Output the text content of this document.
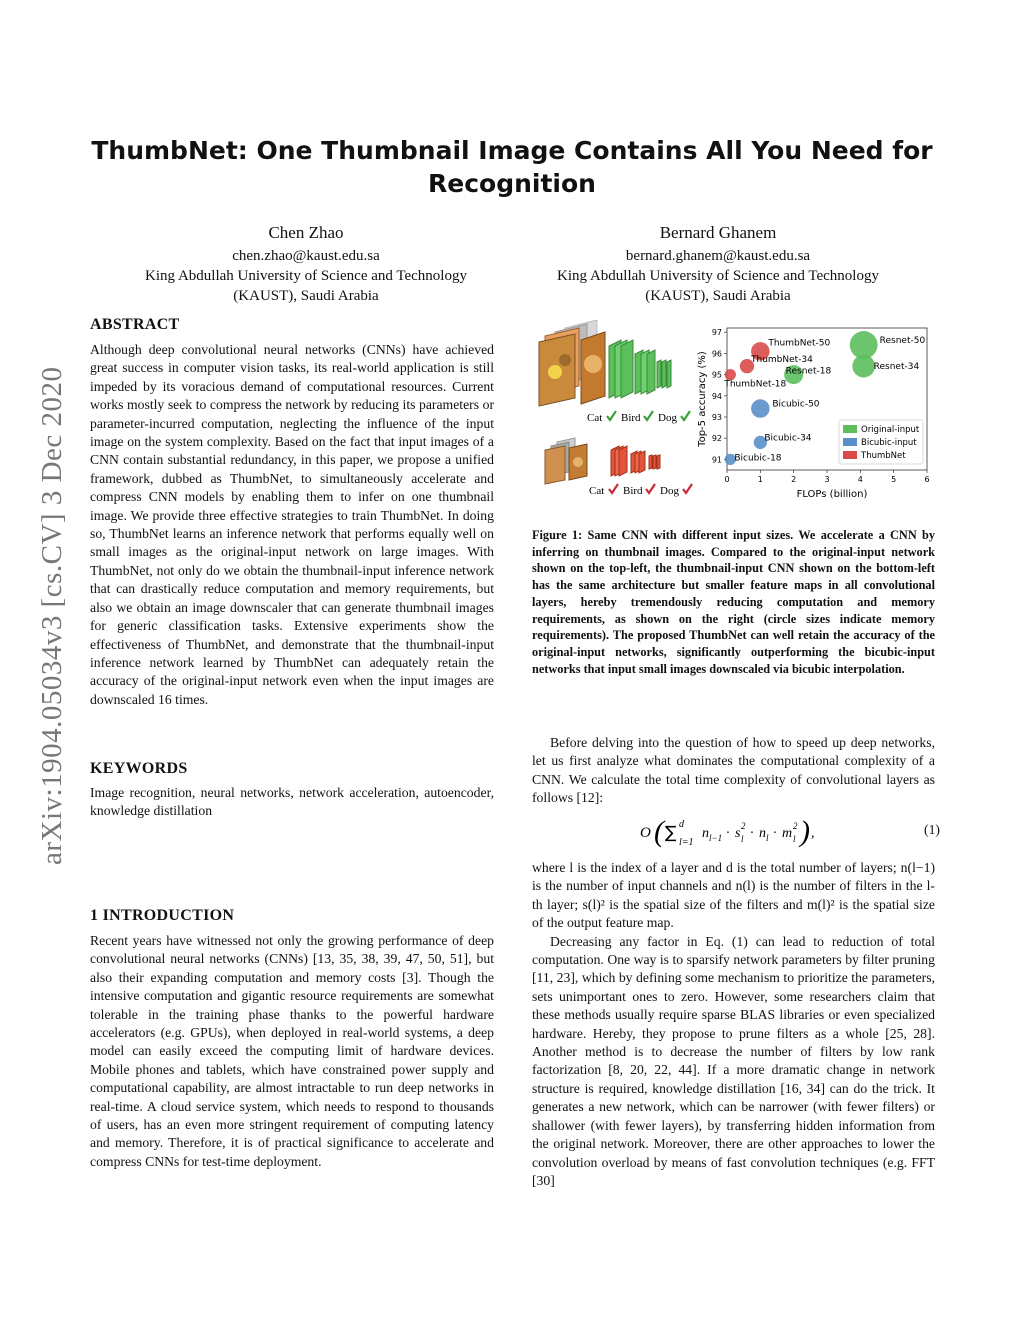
arXiv:1904.05034v3 [cs.CV] 3 Dec 2020
ThumbNet: One Thumbnail Image Contains All You Need for
Recognition
Chen Zhao
chen.zhao@kaust.edu.sa
King Abdullah University of Science and Technology
(KAUST), Saudi Arabia
Bernard Ghanem
bernard.ghanem@kaust.edu.sa
King Abdullah University of Science and Technology
(KAUST), Saudi Arabia
ABSTRACT

Although deep convolutional neural networks (CNNs) have achieved great success in computer vision tasks, its real-world application is still impeded by its voracious demand of computational resources. Current works mostly seek to compress the network by reducing its parameters or parameter-incurred computation, neglecting the influence of the input image on the system complexity. Based on the fact that input images of a CNN contain substantial redundancy, in this paper, we propose a unified framework, dubbed as ThumbNet, to simultaneously accelerate and compress CNN models by enabling them to infer on one thumbnail image. We provide three effective strategies to train ThumbNet. In doing so, ThumbNet learns an inference network that performs equally well on small images as the original-input network on large images. With ThumbNet, not only do we obtain the thumbnail-input inference network that can drastically reduce computation and memory requirements, but also we obtain an image downscaler that can generate thumbnail images for generic classification tasks. Extensive experiments show the effectiveness of ThumbNet, and demonstrate that the thumbnail-input inference network learned by ThumbNet can adequately retain the accuracy of the original-input network even when the input images are downscaled 16 times.

KEYWORDS

Image recognition, neural networks, network acceleration, autoencoder, knowledge distillation

1 INTRODUCTION

Recent years have witnessed not only the growing performance of deep convolutional neural networks (CNNs) [13, 35, 38, 39, 47, 50, 51], but also their expanding computation and memory costs [3]. Though the intensive computation and gigantic resource requirements are somewhat tolerable in the training phase thanks to the powerful hardware accelerators (e.g. GPUs), when deployed in real-world systems, a deep model can easily exceed the computing limit of hardware devices. Mobile phones and tablets, which have constrained power supply and computational capability, are almost intractable to run deep networks in real-time. A cloud service system, which needs to respond to thousands of users, has an even more stringent requirement of computing latency and memory. Therefore, it is of practical significance to accelerate and compress CNNs for test-time deployment.

Cat Bird Dog
Cat Bird Dog
0	1	2	3	4	5	6
91
92
93
94
95
96
97
FLOPs (billion)
Top-5 accuracy (%)
ThumbNet-50
ThumbNet-34
ThumbNet-18
Resnet-50
Resnet-18	Resnet-34
Bicubic-50
Bicubic-34
Bicubic-18
Original-input
Bicubic-input
ThumbNet
Figure 1: Same CNN with different input sizes. We accelerate a CNN by inferring on thumbnail images. Compared to the original-input network shown on the top-left, the thumbnail-input CNN shown on the bottom-left has the same architecture but smaller feature maps in all convolutional layers, hereby tremendously reducing computation and memory requirements, as shown on the right (circle sizes indicate memory requirements). The proposed ThumbNet can well retain the accuracy of the original-input networks, significantly outperforming the bicubic-input networks that input small images downscaled via bicubic interpolation.

Before delving into the question of how to speed up deep networks, let us first analyze what dominates the computational complexity of a CNN. We calculate the total time complexity of convolutional layers as follows [12]:

O ( ∑ d
l=1
n l−1 · s 2
l · n l · m 2
l ) ,	(1)

where l is the index of a layer and d is the total number of layers; n(l−1) is the number of input channels and n(l) is the number of filters in the l-th layer; s(l)² is the spatial size of the filters and m(l)² is the spatial size of the output feature map.

Decreasing any factor in Eq. (1) can lead to reduction of total computation. One way is to sparsify network parameters by filter pruning [11, 23], which by defining some mechanism to prioritize the parameters, sets unimportant ones to zero. However, some researchers claim that these methods usually require sparse BLAS libraries or even specialized hardware. Hereby, they propose to prune filters as a whole [25, 28]. Another method is to decrease the number of filters by low rank factorization [8, 20, 22, 44]. If a more dramatic change in network structure is required, knowledge distillation [16, 34] can do the trick. It generates a new network, which can be narrower (with fewer filters) or shallower (with fewer layers), by transferring hidden information from the original network. Moreover, there are other approaches to lower the convolution overload by means of fast convolution techniques (e.g. FFT [30]
